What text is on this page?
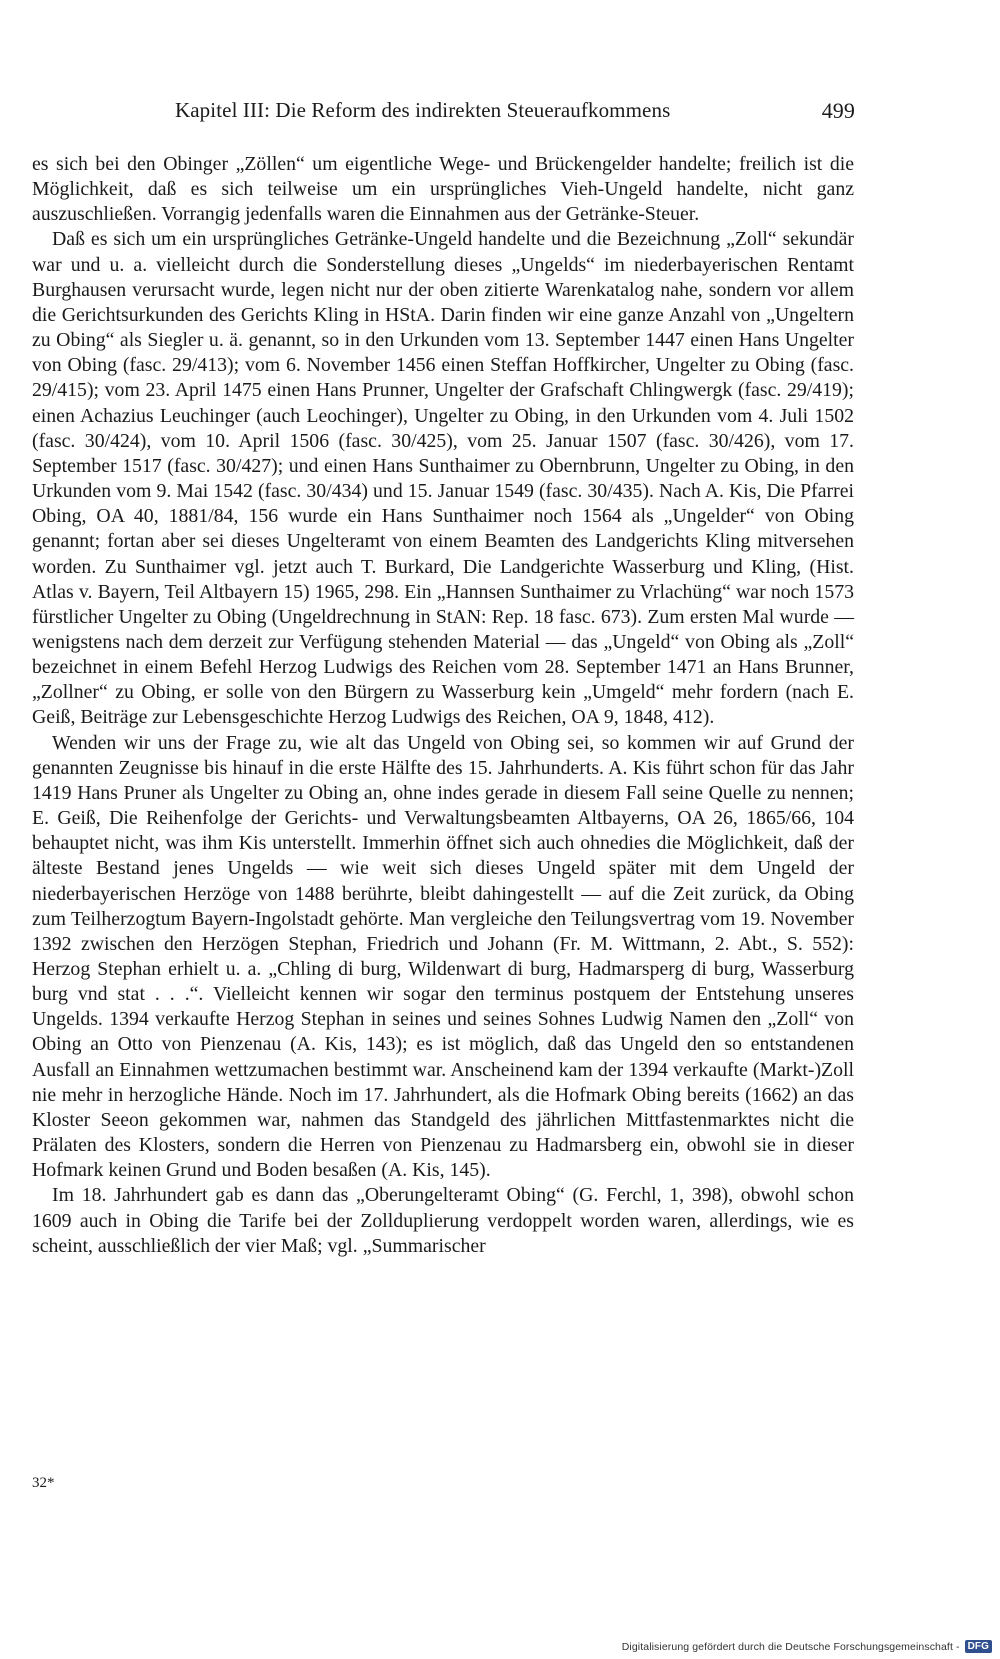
Kapitel III: Die Reform des indirekten Steueraufkommens	499

es sich bei den Obinger „Zöllen“ um eigentliche Wege- und Brückengelder handelte; freilich ist die Möglichkeit, daß es sich teilweise um ein ursprüngliches Vieh-Ungeld handelte, nicht ganz auszuschließen. Vorrangig jedenfalls waren die Einnahmen aus der Getränke-Steuer.

Daß es sich um ein ursprüngliches Getränke-Ungeld handelte und die Bezeichnung „Zoll“ sekundär war und u. a. vielleicht durch die Sonderstellung dieses „Ungelds“ im niederbayerischen Rentamt Burghausen verursacht wurde, legen nicht nur der oben zitierte Warenkatalog nahe, sondern vor allem die Gerichtsurkunden des Gerichts Kling in HStA. Darin finden wir eine ganze Anzahl von „Ungeltern zu Obing“ als Siegler u. ä. genannt, so in den Urkunden vom 13. September 1447 einen Hans Ungelter von Obing (fasc. 29/413); vom 6. November 1456 einen Steffan Hoffkircher, Ungelter zu Obing (fasc. 29/415); vom 23. April 1475 einen Hans Prunner, Ungelter der Grafschaft Chlingwergk (fasc. 29/419); einen Achazius Leuchinger (auch Leochinger), Ungelter zu Obing, in den Urkunden vom 4. Juli 1502 (fasc. 30/424), vom 10. April 1506 (fasc. 30/425), vom 25. Januar 1507 (fasc. 30/426), vom 17. September 1517 (fasc. 30/427); und einen Hans Sunthaimer zu Obernbrunn, Ungelter zu Obing, in den Urkunden vom 9. Mai 1542 (fasc. 30/434) und 15. Januar 1549 (fasc. 30/435). Nach A. Kis, Die Pfarrei Obing, OA 40, 1881/84, 156 wurde ein Hans Sunthaimer noch 1564 als „Ungelder“ von Obing genannt; fortan aber sei dieses Ungelteramt von einem Beamten des Landgerichts Kling mitversehen worden. Zu Sunthaimer vgl. jetzt auch T. Burkard, Die Landgerichte Wasserburg und Kling, (Hist. Atlas v. Bayern, Teil Altbayern 15) 1965, 298. Ein „Hannsen Sunthaimer zu Vrlachüng“ war noch 1573 fürstlicher Ungelter zu Obing (Ungeldrechnung in StAN: Rep. 18 fasc. 673). Zum ersten Mal wurde — wenigstens nach dem derzeit zur Verfügung stehenden Material — das „Ungeld“ von Obing als „Zoll“ bezeichnet in einem Befehl Herzog Ludwigs des Reichen vom 28. September 1471 an Hans Brunner, „Zollner“ zu Obing, er solle von den Bürgern zu Wasserburg kein „Umgeld“ mehr fordern (nach E. Geiß, Beiträge zur Lebensgeschichte Herzog Ludwigs des Reichen, OA 9, 1848, 412).

Wenden wir uns der Frage zu, wie alt das Ungeld von Obing sei, so kommen wir auf Grund der genannten Zeugnisse bis hinauf in die erste Hälfte des 15. Jahrhunderts. A. Kis führt schon für das Jahr 1419 Hans Pruner als Ungelter zu Obing an, ohne indes gerade in diesem Fall seine Quelle zu nennen; E. Geiß, Die Reihenfolge der Gerichts- und Verwaltungsbeamten Altbayerns, OA 26, 1865/66, 104 behauptet nicht, was ihm Kis unterstellt. Immerhin öffnet sich auch ohnedies die Möglichkeit, daß der älteste Bestand jenes Ungelds — wie weit sich dieses Ungeld später mit dem Ungeld der niederbayerischen Herzöge von 1488 berührte, bleibt dahingestellt — auf die Zeit zurück, da Obing zum Teilherzogtum Bayern-Ingolstadt gehörte. Man vergleiche den Teilungsvertrag vom 19. November 1392 zwischen den Herzögen Stephan, Friedrich und Johann (Fr. M. Wittmann, 2. Abt., S. 552): Herzog Stephan erhielt u. a. „Chling di burg, Wildenwart di burg, Hadmarsperg di burg, Wasserburg burg vnd stat . . .“. Vielleicht kennen wir sogar den terminus postquem der Entstehung unseres Ungelds. 1394 verkaufte Herzog Stephan in seines und seines Sohnes Ludwig Namen den „Zoll“ von Obing an Otto von Pienzenau (A. Kis, 143); es ist möglich, daß das Ungeld den so entstandenen Ausfall an Einnahmen wettzumachen bestimmt war. Anscheinend kam der 1394 verkaufte (Markt-)Zoll nie mehr in herzogliche Hände. Noch im 17. Jahrhundert, als die Hofmark Obing bereits (1662) an das Kloster Seeon gekommen war, nahmen das Standgeld des jährlichen Mittfastenmarktes nicht die Prälaten des Klosters, sondern die Herren von Pienzenau zu Hadmarsberg ein, obwohl sie in dieser Hofmark keinen Grund und Boden besaßen (A. Kis, 145).

Im 18. Jahrhundert gab es dann das „Oberungelteramt Obing“ (G. Ferchl, 1, 398), obwohl schon 1609 auch in Obing die Tarife bei der Zollduplierung verdoppelt worden waren, allerdings, wie es scheint, ausschließlich der vier Maß; vgl. „Summarischer

32*
Digitalisierung gefördert durch die Deutsche Forschungsgemeinschaft - DFG
